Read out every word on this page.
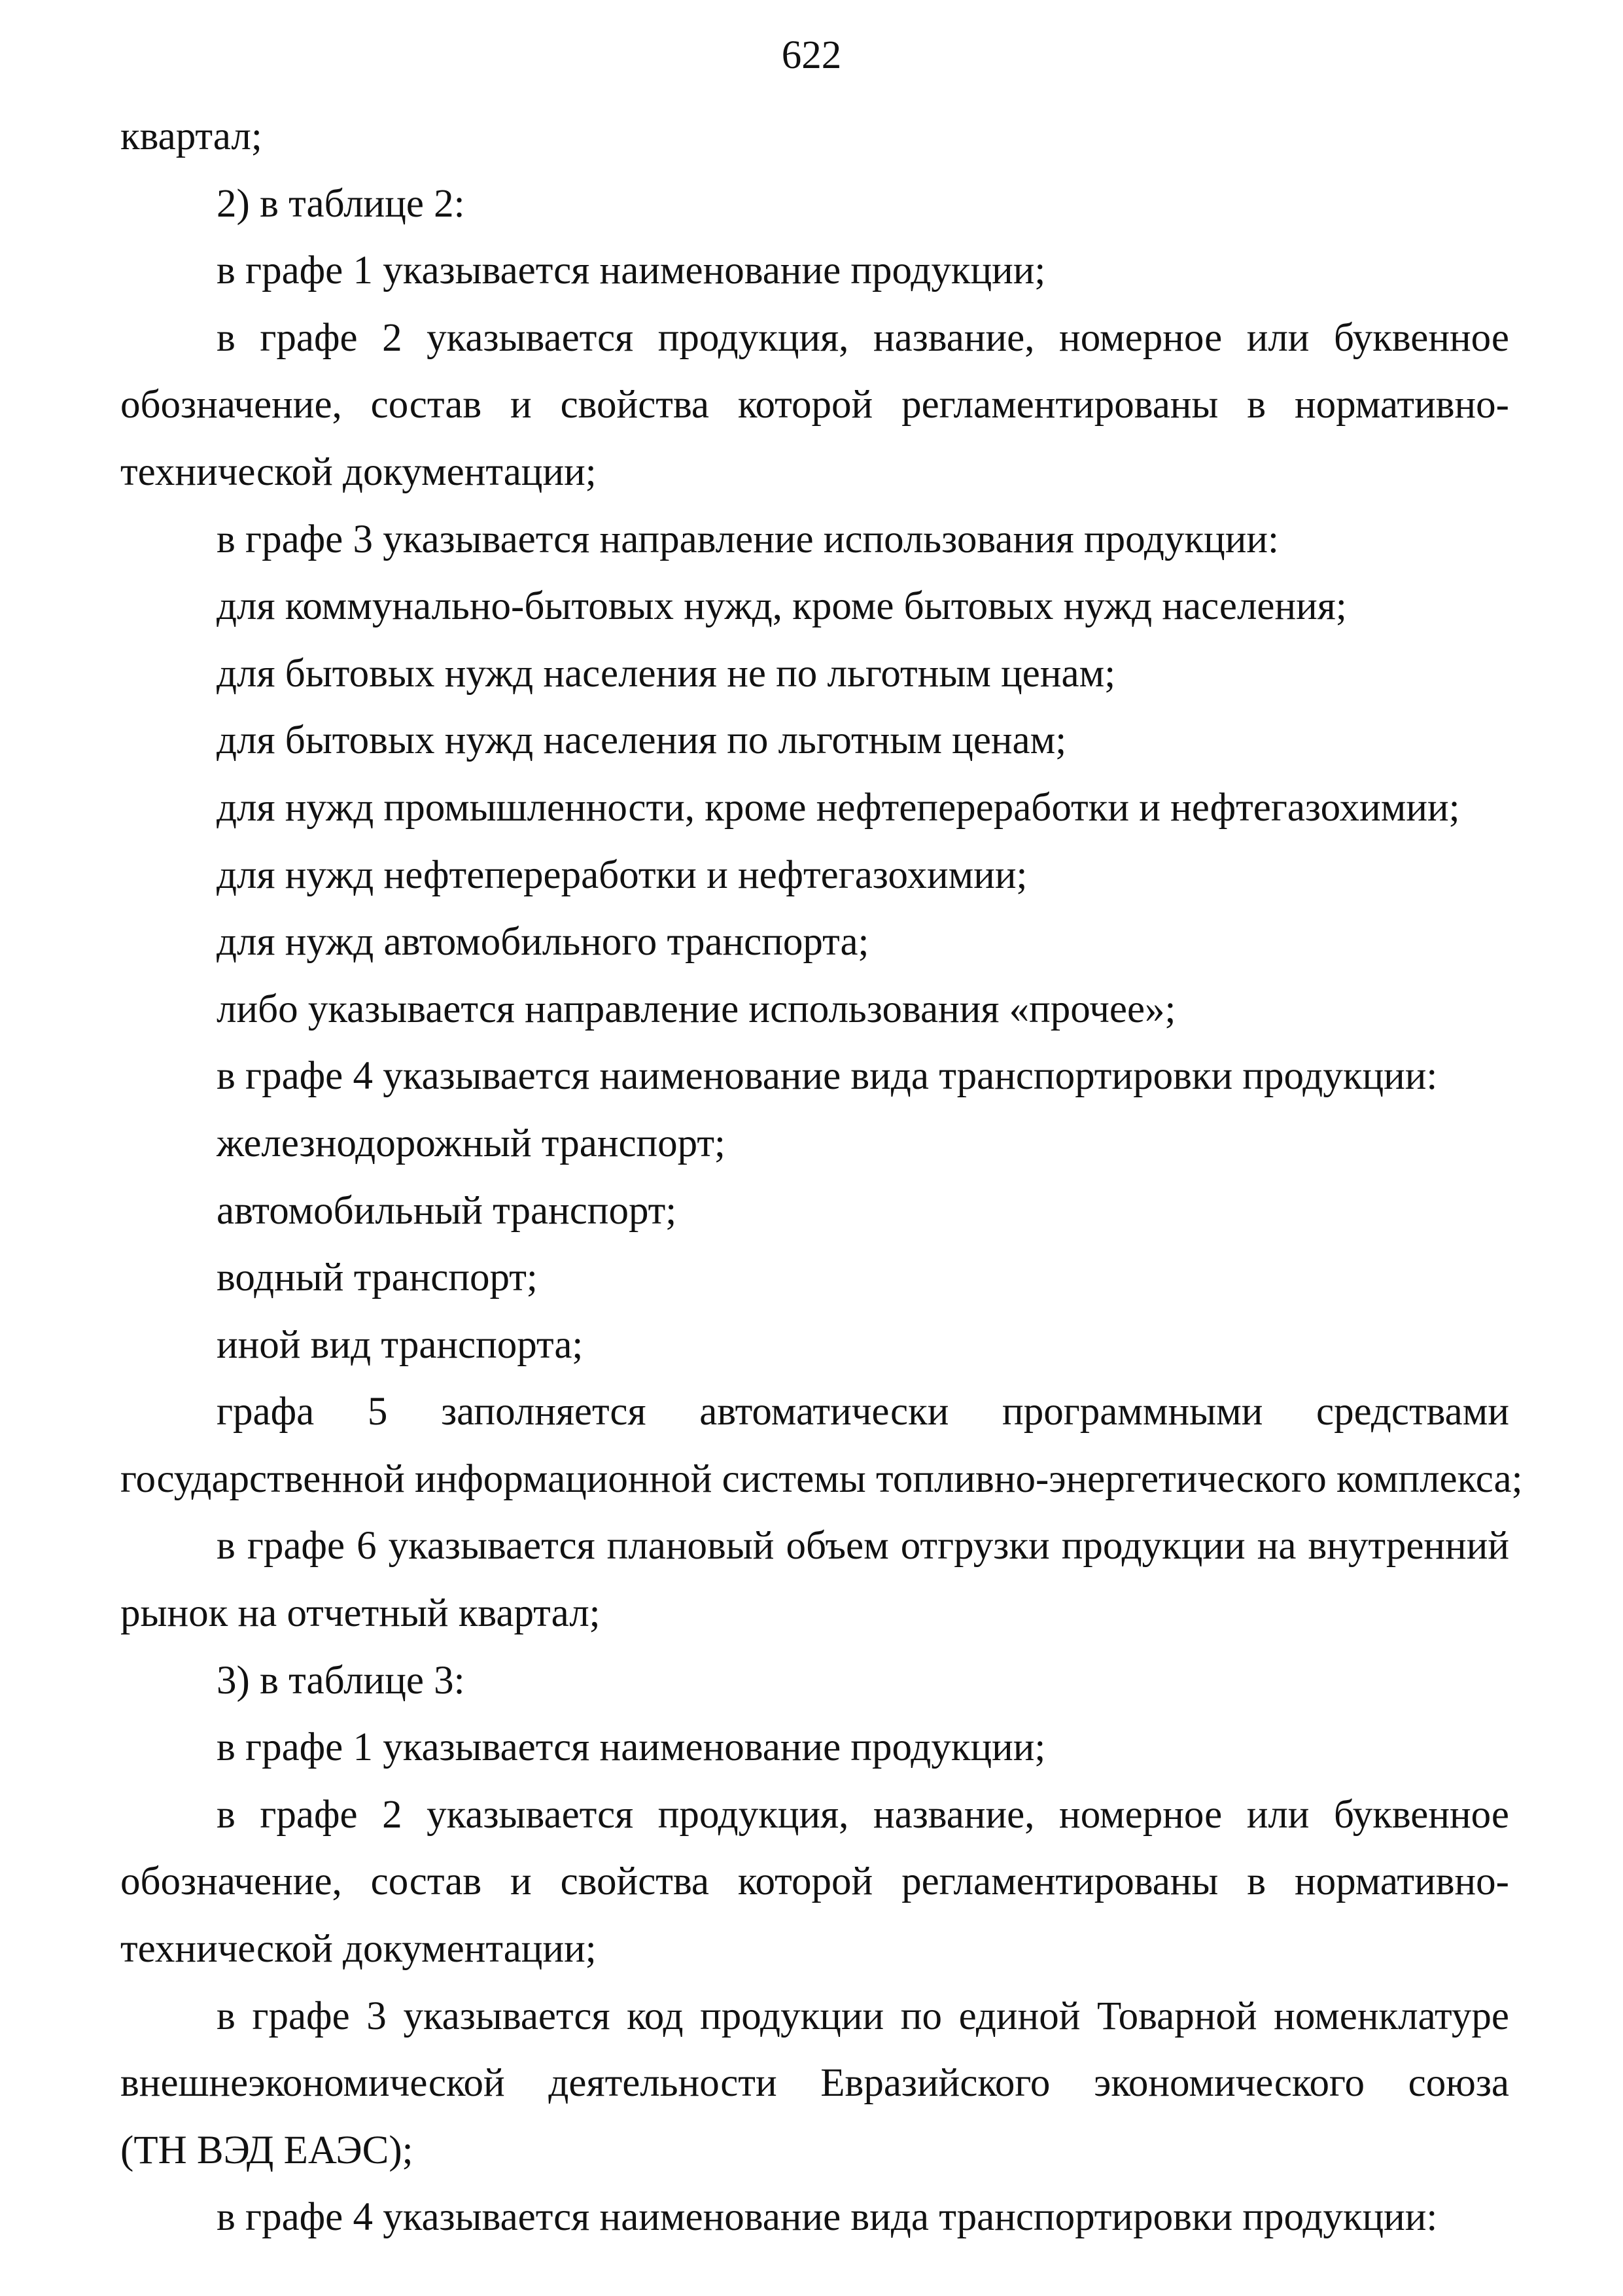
622
квартал;
2) в таблице 2:
в графе 1 указывается наименование продукции;
в графе 2 указывается продукция, название, номерное или буквенное
обозначение, состав и свойства которой регламентированы в нормативно-
технической документации;
в графе 3 указывается направление использования продукции:
для коммунально-бытовых нужд, кроме бытовых нужд населения;
для бытовых нужд населения не по льготным ценам;
для бытовых нужд населения по льготным ценам;
для нужд промышленности, кроме нефтепереработки и нефтегазохимии;
для нужд нефтепереработки и нефтегазохимии;
для нужд автомобильного транспорта;
либо указывается направление использования «прочее»;
в графе 4 указывается наименование вида транспортировки продукции:
железнодорожный транспорт;
автомобильный транспорт;
водный транспорт;
иной вид транспорта;
графа 5 заполняется автоматически программными средствами
государственной информационной системы топливно-энергетического комплекса;
в графе 6 указывается плановый объем отгрузки продукции на внутренний
рынок на отчетный квартал;
3) в таблице 3:
в графе 1 указывается наименование продукции;
в графе 2 указывается продукция, название, номерное или буквенное
обозначение, состав и свойства которой регламентированы в нормативно-
технической документации;
в графе 3 указывается код продукции по единой Товарной номенклатуре
внешнеэкономической деятельности Евразийского экономического союза
(ТН ВЭД ЕАЭС);
в графе 4 указывается наименование вида транспортировки продукции:
